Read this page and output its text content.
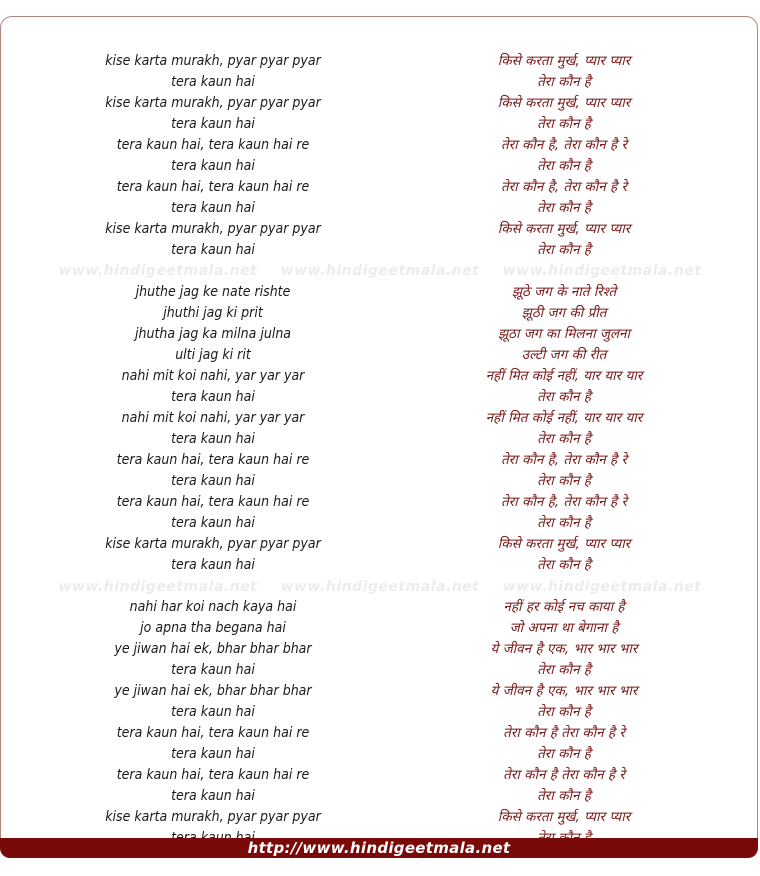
www.hindigeetmala.net www.hindigeetmala.net www.hindigeetmala.net
www.hindigeetmala.net www.hindigeetmala.net www.hindigeetmala.net
kise karta murakh, pyar pyar pyar
tera kaun hai
kise karta murakh, pyar pyar pyar
tera kaun hai
tera kaun hai, tera kaun hai re
tera kaun hai
tera kaun hai, tera kaun hai re
tera kaun hai
kise karta murakh, pyar pyar pyar
tera kaun hai
jhuthe jag ke nate rishte
jhuthi jag ki prit
jhutha jag ka milna julna
ulti jag ki rit
nahi mit koi nahi, yar yar yar
tera kaun hai
nahi mit koi nahi, yar yar yar
tera kaun hai
tera kaun hai, tera kaun hai re
tera kaun hai
tera kaun hai, tera kaun hai re
tera kaun hai
kise karta murakh, pyar pyar pyar
tera kaun hai
nahi har koi nach kaya hai
jo apna tha begana hai
ye jiwan hai ek, bhar bhar bhar
tera kaun hai
ye jiwan hai ek, bhar bhar bhar
tera kaun hai
tera kaun hai, tera kaun hai re
tera kaun hai
tera kaun hai, tera kaun hai re
tera kaun hai
kise karta murakh, pyar pyar pyar
किसे करता मुर्ख, प्यार प्यार
तेरा कौन है
किसे करता मुर्ख, प्यार प्यार
तेरा कौन है
तेरा कौन है, तेरा कौन है रे
तेरा कौन है
तेरा कौन है, तेरा कौन है रे
तेरा कौन है
किसे करता मुर्ख, प्यार प्यार
तेरा कौन है
झूठे जग के नाते रिश्ते
झूठी जग की प्रीत
झूठा जग का मिलना जुलना
उल्टी जग की रीत
नहीं मित कोई नहीं, यार यार यार
तेरा कौन है
नहीं मित कोई नहीं, यार यार यार
तेरा कौन है
तेरा कौन है, तेरा कौन है रे
तेरा कौन है
तेरा कौन है, तेरा कौन है रे
तेरा कौन है
किसे करता मुर्ख, प्यार प्यार
तेरा कौन है
नहीं हर कोई नच काया है
जो अपना था बेगाना है
ये जीवन है एक, भार भार भार
तेरा कौन है
ये जीवन है एक, भार भार भार
तेरा कौन है
तेरा कौन है तेरा कौन है रे
तेरा कौन है
तेरा कौन है तेरा कौन है रे
तेरा कौन है
किसे करता मुर्ख, प्यार प्यार
http://www.hindigeetmala.net
